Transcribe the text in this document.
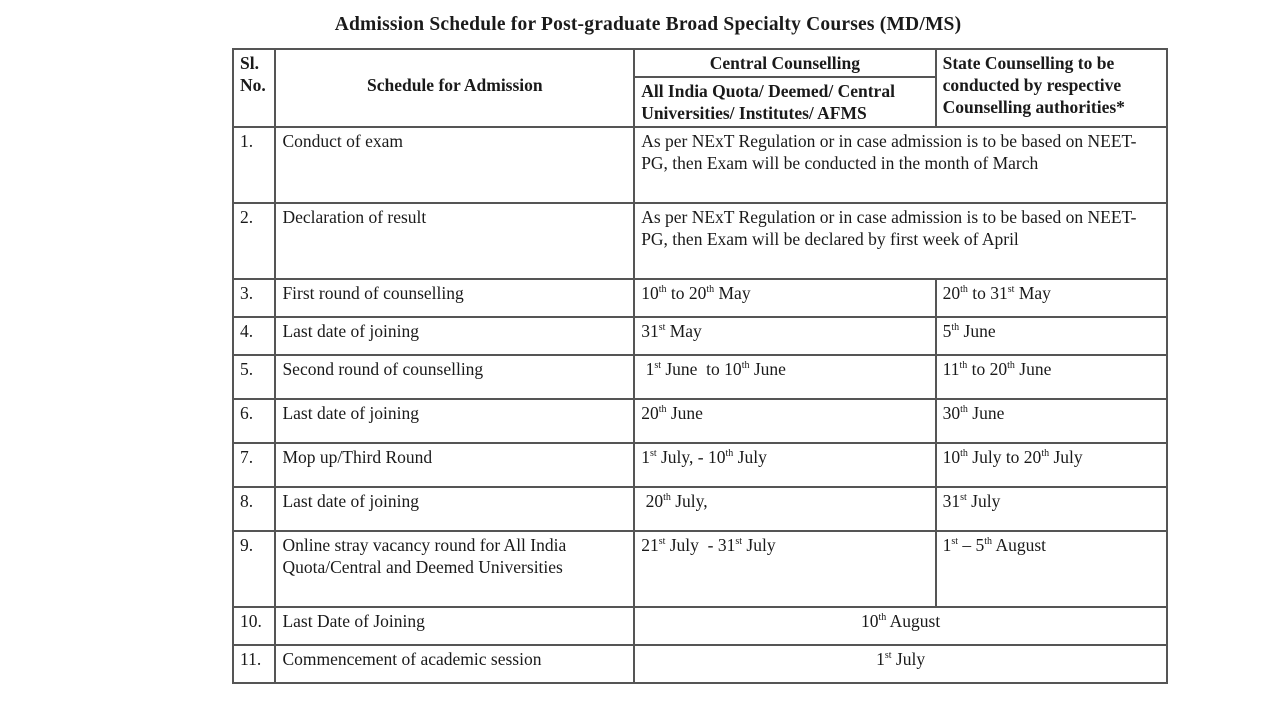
Admission Schedule for Post-graduate Broad Specialty Courses (MD/MS)
Sl. No.	Schedule for Admission	Central Counselling	State Counselling to be conducted by respective Counselling authorities*
		All India Quota/ Deemed/ Central Universities/ Institutes/ AFMS	
1.	Conduct of exam	As per NExT Regulation or in case admission is to be based on NEET-PG, then Exam will be conducted in the month of March	
2.	Declaration of result	As per NExT Regulation or in case admission is to be based on NEET-PG, then Exam will be declared by first week of April	
3.	First round of counselling	10th to 20th May	20th to 31st May
4.	Last date of joining	31st May	5th June
5.	Second round of counselling	1st June  to 10th June	11th to 20th June
6.	Last date of joining	20th June	30th June
7.	Mop up/Third Round	1st July, - 10th July	10th July to 20th July
8.	Last date of joining	20th July,	31st July
9.	Online stray vacancy round for All India Quota/Central and Deemed Universities	21st July  - 31st July	1st – 5th August
10.	Last Date of Joining	10th August	
11.	Commencement of academic session	1st July	
